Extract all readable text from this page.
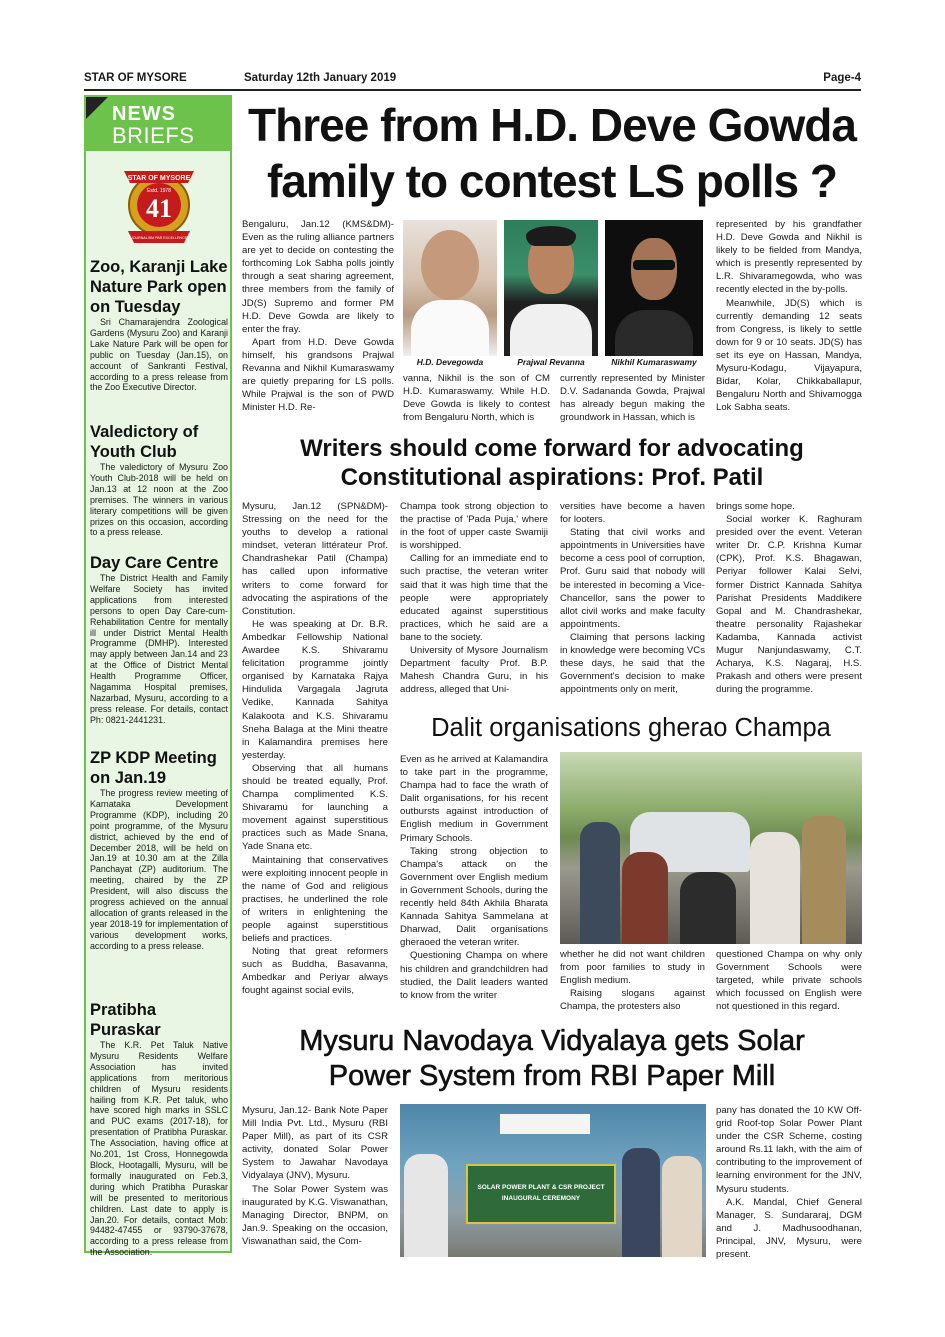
STAR OF MYSORE	Saturday 12th January 2019	Page-4
NEWS
BRIEFS
STAR OF MYSORE
Estd. 1978
41
JOURNALISM PAR EXCELLENCE
Zoo, Karanji Lake Nature Park open on Tuesday

Sri Chamarajendra Zoological Gardens (Mysuru Zoo) and Karanji Lake Nature Park will be open for public on Tuesday (Jan.15), on account of Sankranti Festival, according to a press release from the Zoo Executive Director.

Valedictory of Youth Club

The valedictory of Mysuru Zoo Youth Club-2018 will be held on Jan.13 at 12 noon at the Zoo premises. The winners in various literary competitions will be given prizes on this occasion, according to a press release.

Day Care Centre

The District Health and Family Welfare Society has invited applications from interested persons to open Day Care-cum-Rehabilitation Centre for mentally ill under District Mental Health Programme (DMHP). Interested may apply between Jan.14 and 23 at the Office of District Mental Health Programme Officer, Nagamma Hospital premises, Nazarbad, Mysuru, according to a press release. For details, contact Ph: 0821-2441231.

ZP KDP Meeting on Jan.19

The progress review meeting of Karnataka Development Programme (KDP), including 20 point programme, of the Mysuru district, achieved by the end of December 2018, will be held on Jan.19 at 10.30 am at the Zilla Panchayat (ZP) auditorium. The meeting, chaired by the ZP President, will also discuss the progress achieved on the annual allocation of grants released in the year 2018-19 for implementation of various development works, according to a press release.

Pratibha Puraskar

The K.R. Pet Taluk Native Mysuru Residents Welfare Association has invited applications from meritorious children of Mysuru residents hailing from K.R. Pet taluk, who have scored high marks in SSLC and PUC exams (2017-18), for presentation of Pratibha Puraskar. The Association, having office at No.201, 1st Cross, Honnegowda Block, Hootagalli, Mysuru, will be formally inaugurated on Feb.3, during which Pratibha Puraskar will be presented to meritorious children. Last date to apply is Jan.20. For details, contact Mob: 94482-47455 or 93790-37678, according to a press release from the Association.

Three from H.D. Deve Gowda
family to contest LS polls ?

Bengaluru, Jan.12 (KMS&DM)- Even as the ruling alliance partners are yet to decide on contesting the forthcoming Lok Sabha polls jointly through a seat sharing agreement, three members from the family of JD(S) Supremo and former PM H.D. Deve Gowda are likely to enter the fray.

Apart from H.D. Deve Gowda himself, his grandsons Prajwal Revanna and Nikhil Kumaraswamy are quietly preparing for LS polls. While Prajwal is the son of PWD Minister H.D. Re-

H.D. Devegowda	Prajwal Revanna	Nikhil Kumaraswamy

vanna, Nikhil is the son of CM H.D. Kumaraswamy. While H.D. Deve Gowda is likely to contest from Bengaluru North, which is

currently represented by Minister D.V. Sadananda Gowda, Prajwal has already begun making the groundwork in Hassan, which is

represented by his grandfather H.D. Deve Gowda and Nikhil is likely to be fielded from Mandya, which is presently represented by L.R. Shivaramegowda, who was recently elected in the by-polls.

Meanwhile, JD(S) which is currently demanding 12 seats from Congress, is likely to settle down for 9 or 10 seats. JD(S) has set its eye on Hassan, Mandya, Mysuru-Kodagu, Vijayapura, Bidar, Kolar, Chikkaballapur, Bengaluru North and Shivamogga Lok Sabha seats.

Writers should come forward for advocating
Constitutional aspirations: Prof. Patil

Mysuru, Jan.12 (SPN&DM)- Stressing on the need for the youths to develop a rational mindset, veteran littérateur Prof. Chandrashekar Patil (Champa) has called upon informative writers to come forward for advocating the aspirations of the Constitution.

He was speaking at Dr. B.R. Ambedkar Fellowship National Awardee K.S. Shivaramu felicitation programme jointly organised by Karnataka Rajya Hindulida Vargagala Jagruta Vedike, Kannada Sahitya Kalakoota and K.S. Shivaramu Sneha Balaga at the Mini theatre in Kalamandira premises here yesterday.

Observing that all humans should be treated equally, Prof. Champa complimented K.S. Shivaramu for launching a movement against superstitious practices such as Made Snana, Yade Snana etc.

Maintaining that conservatives were exploiting innocent people in the name of God and religious practises, he underlined the role of writers in enlightening the people against superstitious beliefs and practices.

Noting that great reformers such as Buddha, Basavanna, Ambedkar and Periyar always fought against social evils,

Champa took strong objection to the practise of 'Pada Puja,' where in the foot of upper caste Swamiji is worshipped.

Calling for an immediate end to such practise, the veteran writer said that it was high time that the people were appropriately educated against superstitious practices, which he said are a bane to the society.

University of Mysore Journalism Department faculty Prof. B.P. Mahesh Chandra Guru, in his address, alleged that Uni-

versities have become a haven for looters.

Stating that civil works and appointments in Universities have become a cess pool of corruption, Prof. Guru said that nobody will be interested in becoming a Vice-Chancellor, sans the power to allot civil works and make faculty appointments.

Claiming that persons lacking in knowledge were becoming VCs these days, he said that the Government's decision to make appointments only on merit,

brings some hope.

Social worker K. Raghuram presided over the event. Veteran writer Dr. C.P. Krishna Kumar (CPK), Prof. K.S. Bhagawan, Periyar follower Kalai Selvi, former District Kannada Sahitya Parishat Presidents Maddikere Gopal and M. Chandrashekar, theatre personality Rajashekar Kadamba, Kannada activist Mugur Nanjundaswamy, C.T. Acharya, K.S. Nagaraj, H.S. Prakash and others were present during the programme.

Dalit organisations gherao Champa

Even as he arrived at Kalamandira to take part in the programme, Champa had to face the wrath of Dalit organisations, for his recent outbursts against introduction of English medium in Government Primary Schools.

Taking strong objection to Champa's attack on the Government over English medium in Government Schools, during the recently held 84th Akhila Bharata Kannada Sahitya Sammelana at Dharwad, Dalit organisations gheraoed the veteran writer.

Questioning Champa on where his children and grandchildren had studied, the Dalit leaders wanted to know from the writer

whether he did not want children from poor families to study in English medium.

Raising slogans against Champa, the protesters also

questioned Champa on why only Government Schools were targeted, while private schools which focussed on English were not questioned in this regard.

Mysuru Navodaya Vidyalaya gets Solar
Power System from RBI Paper Mill

Mysuru, Jan.12- Bank Note Paper Mill India Pvt. Ltd., Mysuru (RBI Paper Mill), as part of its CSR activity, donated Solar Power System to Jawahar Navodaya Vidyalaya (JNV), Mysuru.

The Solar Power System was inaugurated by K.G. Viswanathan, Managing Director, BNPM, on Jan.9. Speaking on the occasion, Viswanathan said, the Com-

SOLAR POWER PLANT & CSR PROJECT
INAUGURAL CEREMONY

pany has donated the 10 KW Off-grid Roof-top Solar Power Plant under the CSR Scheme, costing around Rs.11 lakh, with the aim of contributing to the improvement of learning environment for the JNV, Mysuru students.

A.K. Mandal, Chief General Manager, S. Sundararaj, DGM and J. Madhusoodhanan, Principal, JNV, Mysuru, were present.
